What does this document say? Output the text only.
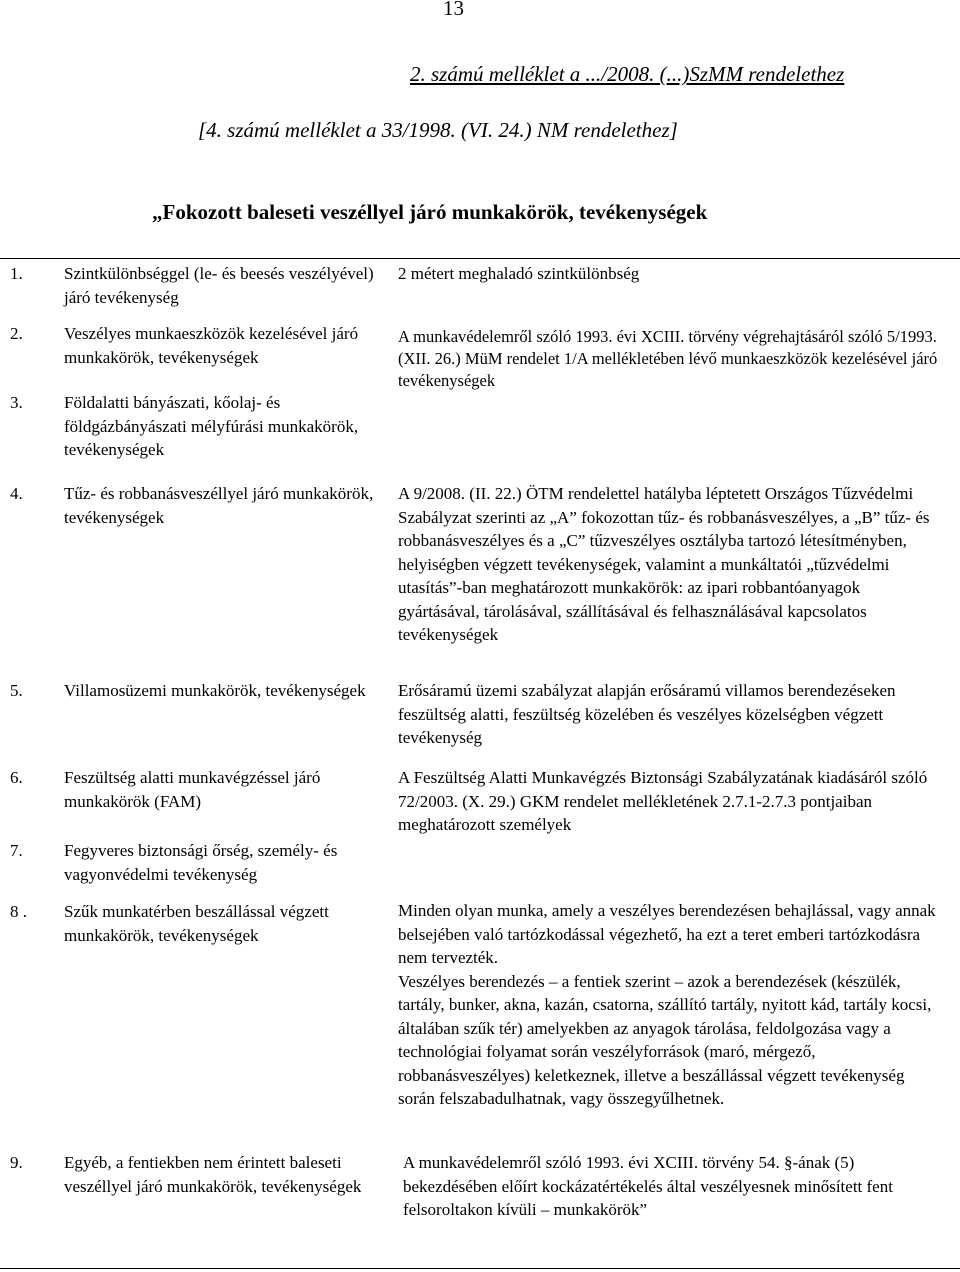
13
2. számú melléklet a .../2008. (...)SzMM rendelethez
[4. számú melléklet a 33/1998. (VI. 24.) NM rendelethez]
„Fokozott baleseti veszéllyel járó munkakörök, tevékenységek
1. Szintkülönbséggel (le- és beesés veszélyével) járó tevékenység
2 métert meghaladó szintkülönbség
2. Veszélyes munkaeszközök kezelésével járó munkakörök, tevékenységek
A munkavédelemről szóló 1993. évi XCIII. törvény végrehajtásáról szóló 5/1993. (XII. 26.) MüM rendelet 1/A mellékletében lévő munkaeszközök kezelésével járó tevékenységek
3. Földalatti bányászati, kőolaj- és földgázbányászati mélyfúrási munkakörök, tevékenységek
4. Tűz- és robbanásveszéllyel járó munkakörök, tevékenységek
A 9/2008. (II. 22.) ÖTM rendelettel hatályba léptetett Országos Tűzvédelmi Szabályzat szerinti az „A” fokozottan tűz- és robbanásveszélyes, a „B” tűz- és robbanásveszélyes és a „C” tűzveszélyes osztályba tartozó létesítményben, helyiségben végzett tevékenységek, valamint a munkáltatói „tűzvédelmi utasítás”-ban meghatározott munkakörök: az ipari robbantóanyagok gyártásával, tárolásával, szállításával és felhasználásával kapcsolatos tevékenységek
5. Villamosüzemi munkakörök, tevékenységek	Erősáramú üzemi szabályzat alapján erősáramú villamos berendezéseken feszültség alatti, feszültség közelében és veszélyes közelségben végzett tevékenység
6. Feszültség alatti munkavégzéssel járó munkakörök (FAM)
A Feszültség Alatti Munkavégzés Biztonsági Szabályzatának kiadásáról szóló 72/2003. (X. 29.) GKM rendelet mellékletének 2.7.1-2.7.3 pontjaiban meghatározott személyek
7. Fegyveres biztonsági őrség, személy- és vagyonvédelmi tevékenység
8 . Szűk munkatérben beszállással végzett munkakörök, tevékenységek

Minden olyan munka, amely a veszélyes berendezésen behajlással, vagy annak belsejében való tartózkodással végezhető, ha ezt a teret emberi tartózkodásra nem tervezték.

Veszélyes berendezés – a fentiek szerint – azok a berendezések (készülék, tartály, bunker, akna, kazán, csatorna, szállító tartály, nyitott kád, tartály kocsi, általában szűk tér) amelyekben az anyagok tárolása, feldolgozása vagy a technológiai folyamat során veszélyforrások (maró, mérgező, robbanásveszélyes) keletkeznek, illetve a beszállással végzett tevékenység során felszabadulhatnak, vagy összegyűlhetnek.

9. Egyéb, a fentiekben nem érintett baleseti veszéllyel járó munkakörök, tevékenységek
A munkavédelemről szóló 1993. évi XCIII. törvény 54. §-ának (5) bekezdésében előírt kockázatértékelés által veszélyesnek minősített fent felsoroltakon kívüli – munkakörök”
